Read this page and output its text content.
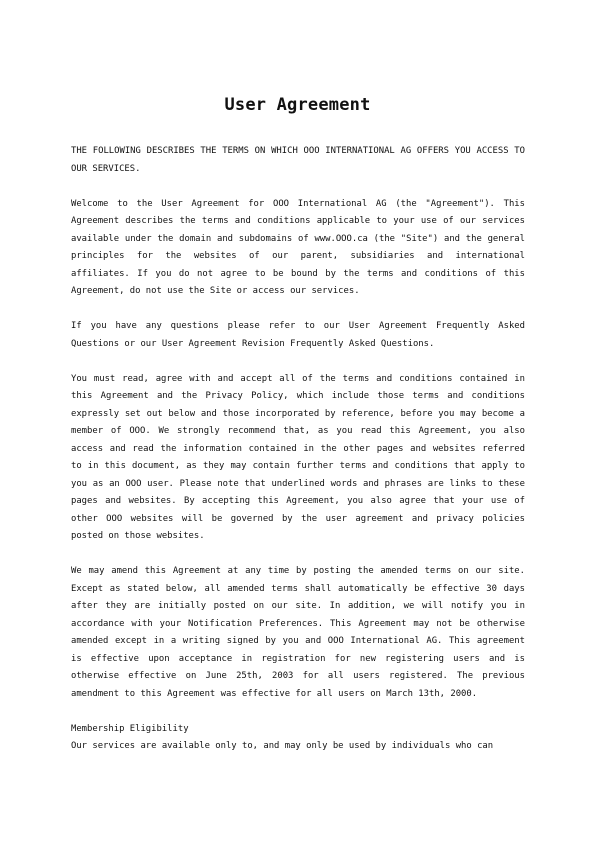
User Agreement

THE FOLLOWING DESCRIBES THE TERMS ON WHICH OOO INTERNATIONAL AG OFFERS YOU ACCESS TO OUR SERVICES.

Welcome to the User Agreement for OOO International AG (the "Agreement"). This Agreement describes the terms and conditions applicable to your use of our services available under the domain and subdomains of www.OOO.ca (the "Site") and the general principles for the websites of our parent, subsidiaries and international affiliates. If you do not agree to be bound by the terms and conditions of this Agreement, do not use the Site or access our services.

If you have any questions please refer to our User Agreement Frequently Asked Questions or our User Agreement Revision Frequently Asked Questions.

You must read, agree with and accept all of the terms and conditions contained in this Agreement and the Privacy Policy, which include those terms and conditions expressly set out below and those incorporated by reference, before you may become a member of OOO. We strongly recommend that, as you read this Agreement, you also access and read the information contained in the other pages and websites referred to in this document, as they may contain further terms and conditions that apply to you as an OOO user. Please note that underlined words and phrases are links to these pages and websites. By accepting this Agreement, you also agree that your use of other OOO websites will be governed by the user agreement and privacy policies posted on those websites.

We may amend this Agreement at any time by posting the amended terms on our site. Except as stated below, all amended terms shall automatically be effective 30 days after they are initially posted on our site. In addition, we will notify you in accordance with your Notification Preferences. This Agreement may not be otherwise amended except in a writing signed by you and OOO International AG. This agreement is effective upon acceptance in registration for new registering users and is otherwise effective on June 25th, 2003 for all users registered. The previous amendment to this Agreement was effective for all users on March 13th, 2000.

Membership Eligibility

Our services are available only to, and may only be used by individuals who can
